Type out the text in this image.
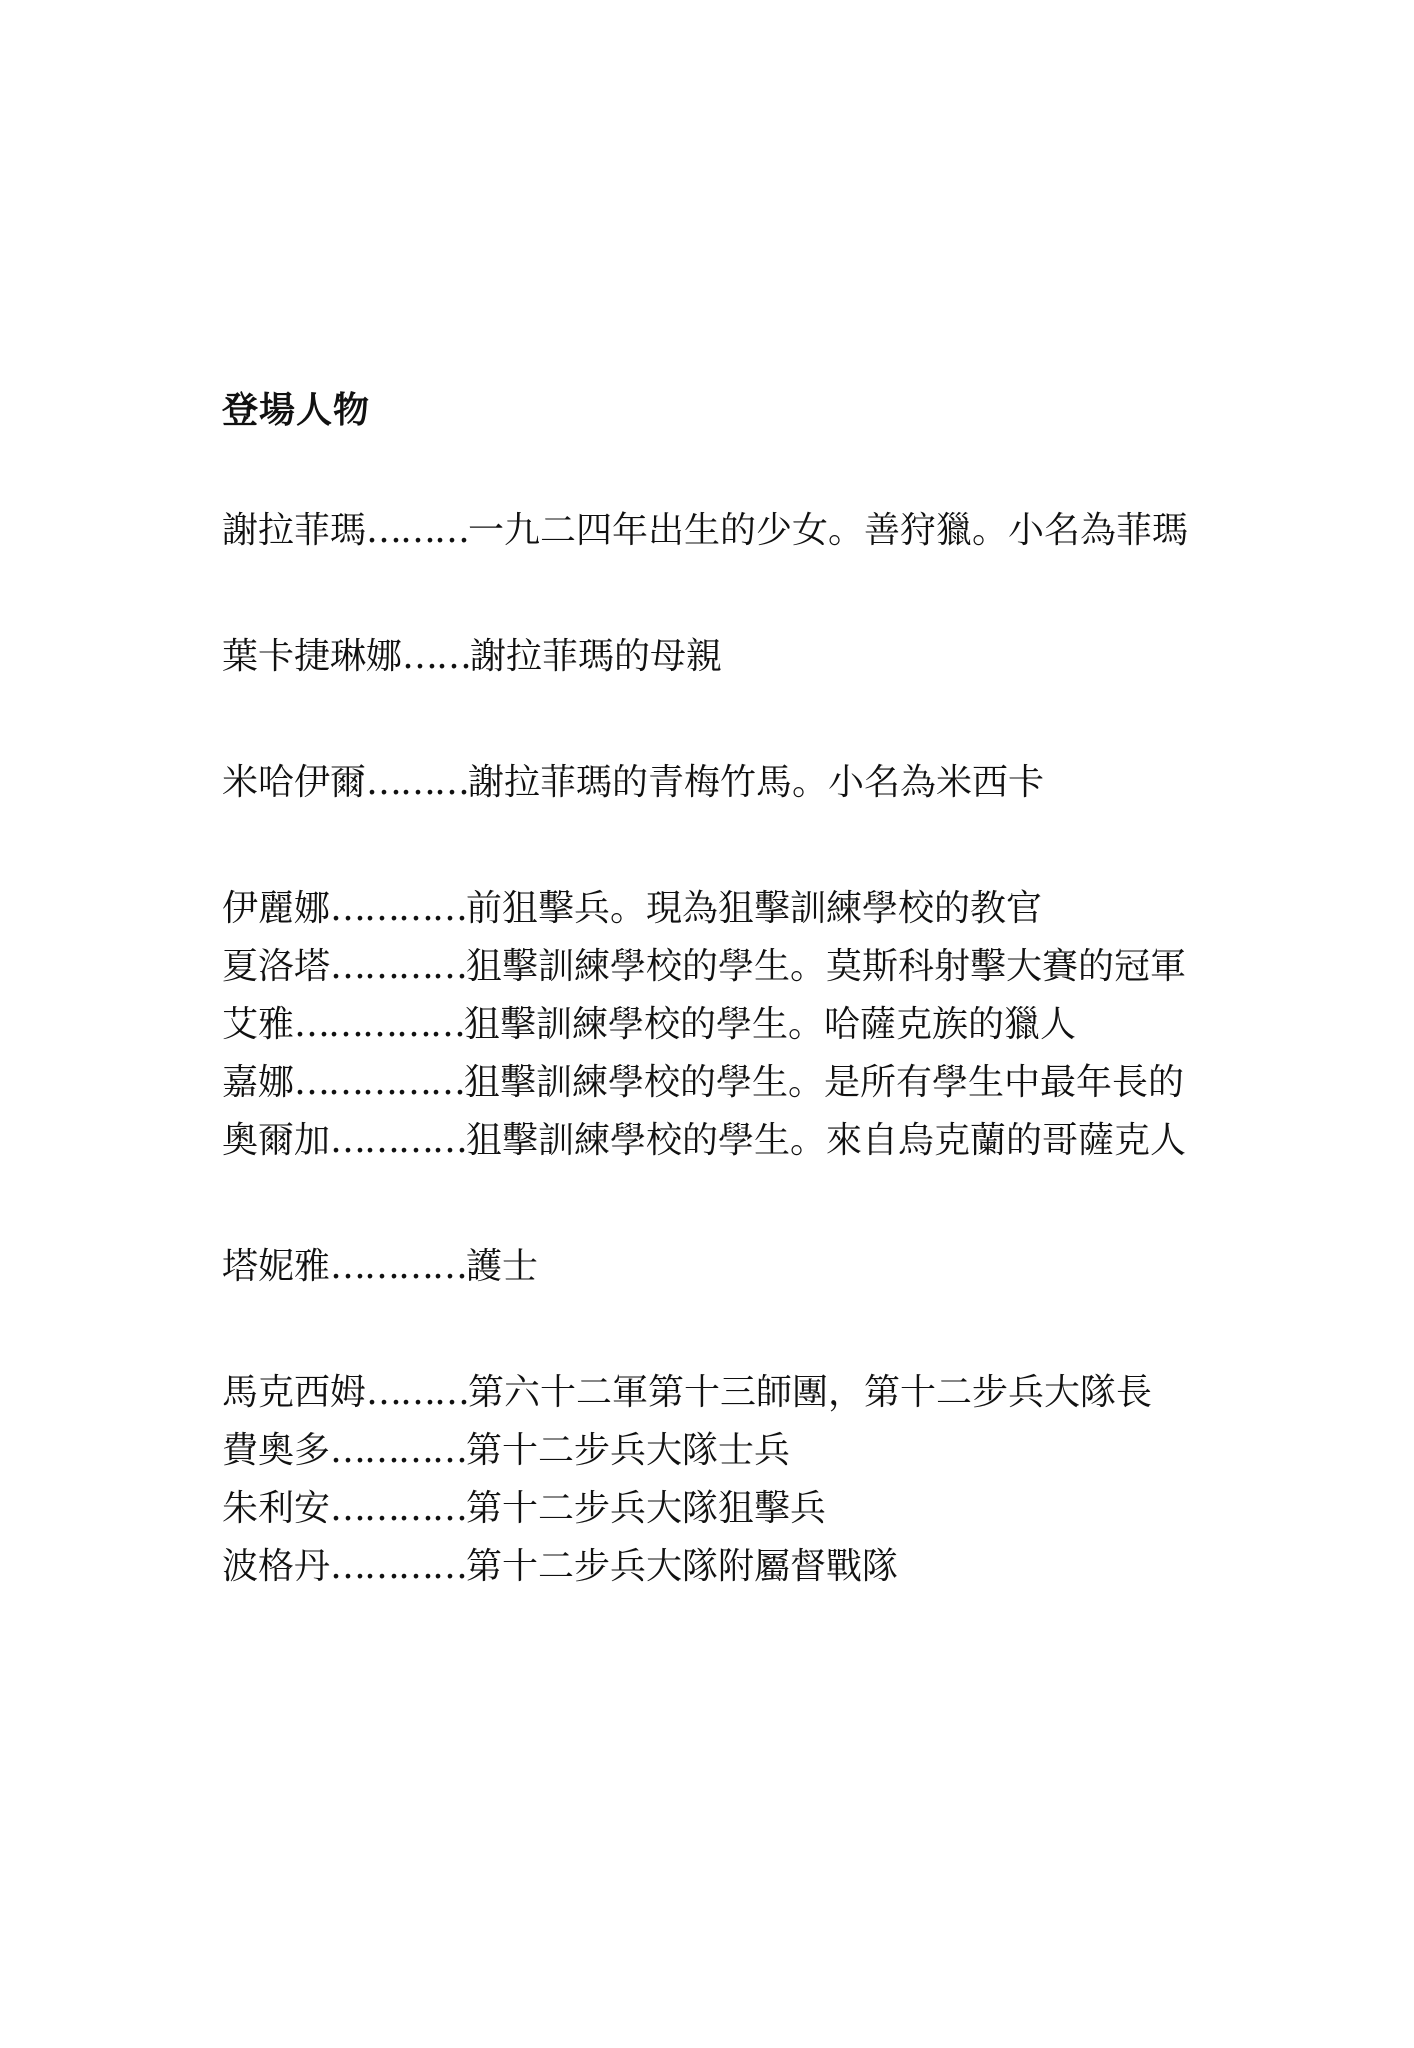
登場人物
謝拉菲瑪………一九二四年出生的少女。善狩獵。小名為菲瑪
葉卡捷琳娜……謝拉菲瑪的母親
米哈伊爾………謝拉菲瑪的青梅竹馬。小名為米西卡
伊麗娜…………前狙擊兵。現為狙擊訓練學校的教官
夏洛塔…………狙擊訓練學校的學生。莫斯科射擊大賽的冠軍
艾雅……………狙擊訓練學校的學生。哈薩克族的獵人
嘉娜……………狙擊訓練學校的學生。是所有學生中最年長的
奧爾加…………狙擊訓練學校的學生。來自烏克蘭的哥薩克人
塔妮雅…………護士
馬克西姆………第六十二軍第十三師團，第十二步兵大隊長
費奧多…………第十二步兵大隊士兵
朱利安…………第十二步兵大隊狙擊兵
波格丹…………第十二步兵大隊附屬督戰隊
